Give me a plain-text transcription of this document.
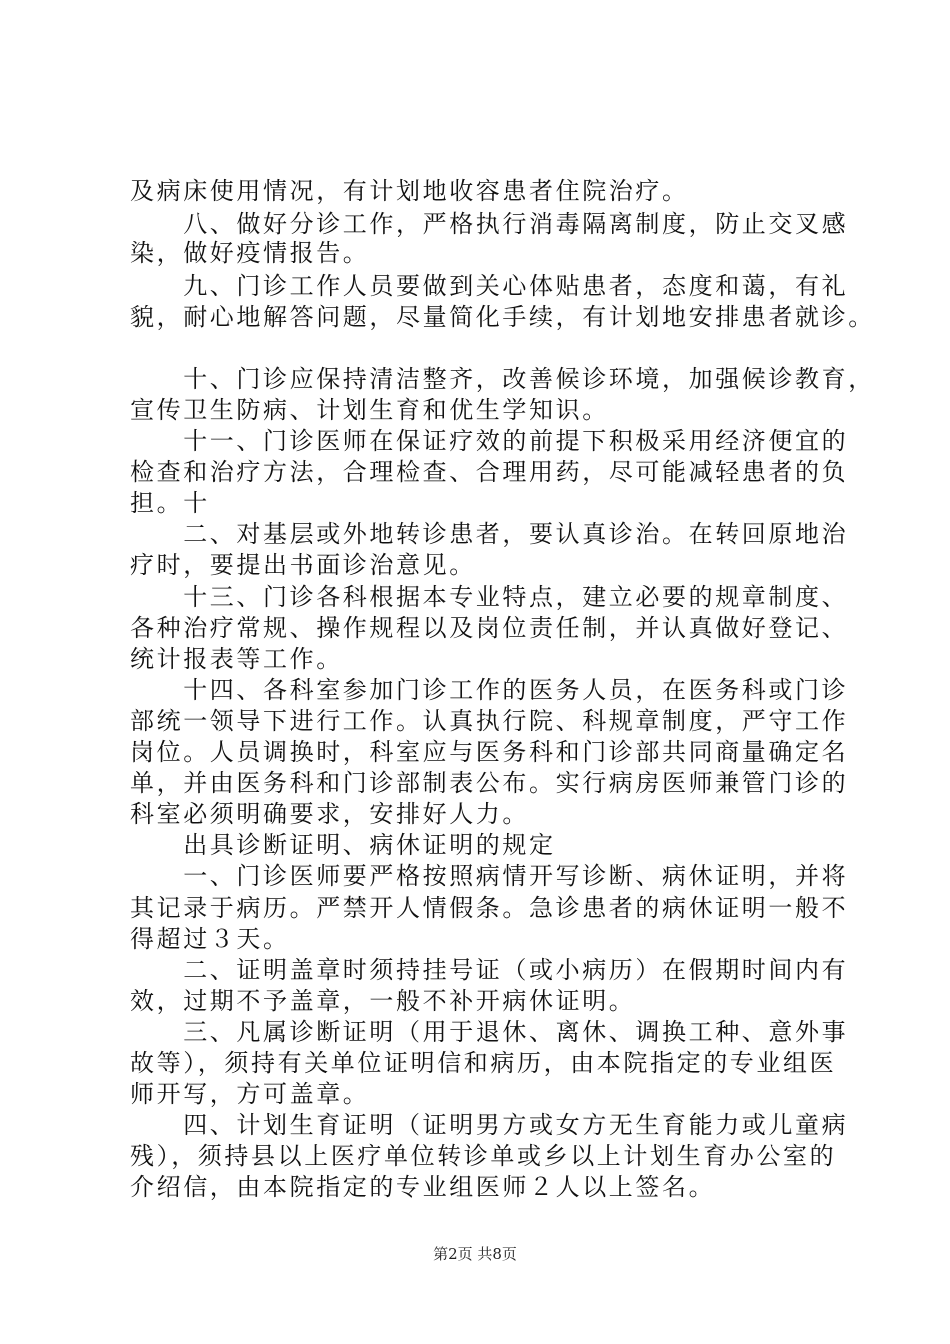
及病床使用情况，有计划地收容患者住院治疗。
　　八、做好分诊工作，严格执行消毒隔离制度，防止交叉感
染，做好疫情报告。
　　九、门诊工作人员要做到关心体贴患者，态度和蔼，有礼
貌，耐心地解答问题，尽量简化手续，有计划地安排患者就诊。
　　十、门诊应保持清洁整齐，改善候诊环境，加强候诊教育，
宣传卫生防病、计划生育和优生学知识。
　　十一、门诊医师在保证疗效的前提下积极采用经济便宜的
检查和治疗方法，合理检查、合理用药，尽可能减轻患者的负
担。十
　　二、对基层或外地转诊患者，要认真诊治。在转回原地治
疗时，要提出书面诊治意见。
　　十三、门诊各科根据本专业特点，建立必要的规章制度、
各种治疗常规、操作规程以及岗位责任制，并认真做好登记、
统计报表等工作。
　　十四、各科室参加门诊工作的医务人员，在医务科或门诊
部统一领导下进行工作。认真执行院、科规章制度，严守工作
岗位。人员调换时，科室应与医务科和门诊部共同商量确定名
单，并由医务科和门诊部制表公布。实行病房医师兼管门诊的
科室必须明确要求，安排好人力。
　　出具诊断证明、病休证明的规定
　　一、门诊医师要严格按照病情开写诊断、病休证明，并将
其记录于病历。严禁开人情假条。急诊患者的病休证明一般不
得超过３天。
　　二、证明盖章时须持挂号证（或小病历）在假期时间内有
效，过期不予盖章，一般不补开病休证明。
　　三、凡属诊断证明（用于退休、离休、调换工种、意外事
故等），须持有关单位证明信和病历，由本院指定的专业组医
师开写，方可盖章。
　　四、计划生育证明（证明男方或女方无生育能力或儿童病
残），须持县以上医疗单位转诊单或乡以上计划生育办公室的
介绍信，由本院指定的专业组医师２人以上签名。
第2页 共8页
